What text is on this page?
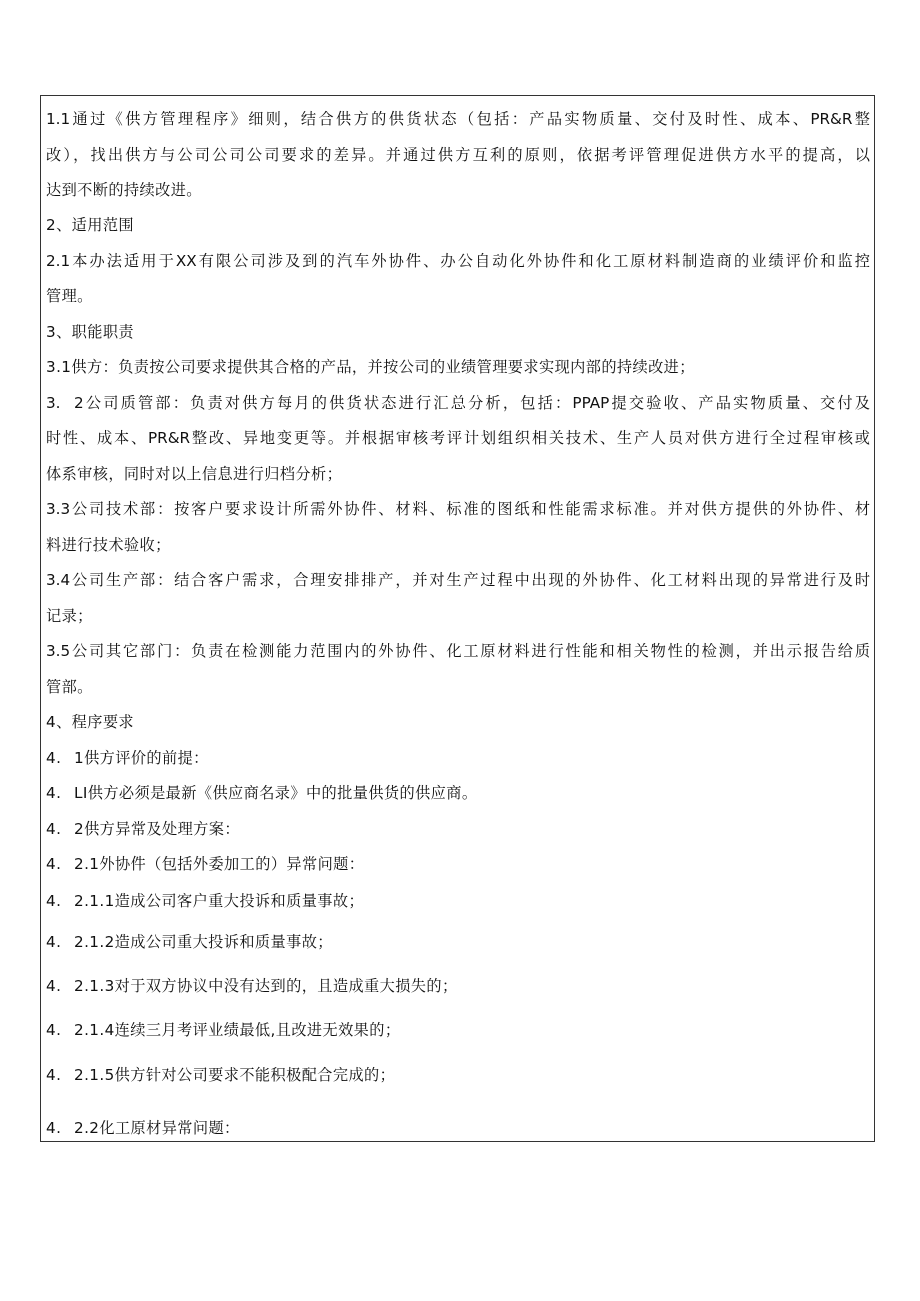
1.1通过《供方管理程序》细则，结合供方的供货状态（包括：产品实物质量、交付及时性、成本、PR&R整
改），找出供方与公司公司公司要求的差异。并通过供方互利的原则，依据考评管理促进供方水平的提高，以
达到不断的持续改进。
2、适用范围
2.1本办法适用于XX有限公司涉及到的汽车外协件、办公自动化外协件和化工原材料制造商的业绩评价和监控
管理。
3、职能职责
3.1供方：负责按公司要求提供其合格的产品，并按公司的业绩管理要求实现内部的持续改进；
3. 2公司质管部：负责对供方每月的供货状态进行汇总分析，包括：PPAP提交验收、产品实物质量、交付及
时性、成本、PR&R整改、异地变更等。并根据审核考评计划组织相关技术、生产人员对供方进行全过程审核或
体系审核，同时对以上信息进行归档分析；
3.3公司技术部：按客户要求设计所需外协件、材料、标准的图纸和性能需求标准。并对供方提供的外协件、材
料进行技术验收；
3.4公司生产部：结合客户需求，合理安排排产，并对生产过程中出现的外协件、化工材料出现的异常进行及时
记录；
3.5公司其它部门：负责在检测能力范围内的外协件、化工原材料进行性能和相关物性的检测，并出示报告给质
管部。
4、程序要求
4. 1供方评价的前提：
4. LI供方必须是最新《供应商名录》中的批量供货的供应商。
4. 2供方异常及处理方案：
4. 2.1外协件（包括外委加工的）异常问题：
4. 2.1.1造成公司客户重大投诉和质量事故；
4. 2.1.2造成公司重大投诉和质量事故；
4. 2.1.3对于双方协议中没有达到的，且造成重大损失的；
4. 2.1.4连续三月考评业绩最低,且改进无效果的；
4. 2.1.5供方针对公司要求不能积极配合完成的；
4. 2.2化工原材异常问题：
